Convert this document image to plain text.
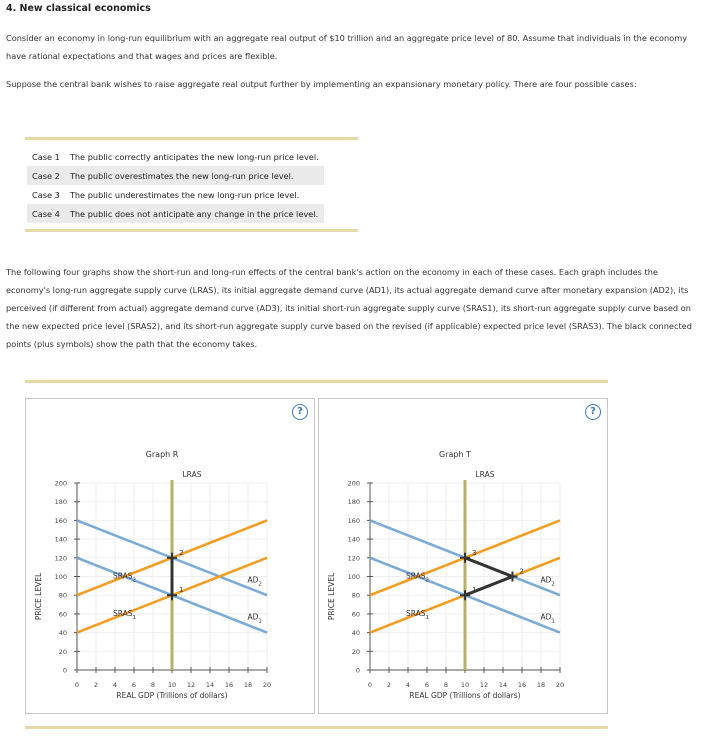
4. New classical economics
Consider an economy in long-run equilibrium with an aggregate real output of $10 trillion and an aggregate price level of 80. Assume that individuals in the economy have rational expectations and that wages and prices are flexible.
Suppose the central bank wishes to raise aggregate real output further by implementing an expansionary monetary policy. There are four possible cases:
Case 1	The public correctly anticipates the new long-run price level.
Case 2	The public overestimates the new long-run price level.
Case 3	The public underestimates the new long-run price level.
Case 4	The public does not anticipate any change in the price level.
The following four graphs show the short-run and long-run effects of the central bank's action on the economy in each of these cases. Each graph includes the economy's long-run aggregate supply curve (LRAS), its initial aggregate demand curve (AD1), its actual aggregate demand curve after monetary expansion (AD2), its perceived (if different from actual) aggregate demand curve (AD3), its initial short-run aggregate supply curve (SRAS1), its short-run aggregate supply curve based on the new expected price level (SRAS2), and its short-run aggregate supply curve based on the revised (if applicable) expected price level (SRAS3). The black connected points (plus symbols) show the path that the economy takes.
?
0
20
40
60
80
100
120
140
160
180
200
0 2 4 6 8 10 12 14 16 18 20
Graph R
REAL GDP (Trillions of dollars)
PRICE LEVEL
LRAS
$AD_1$
$AD_2$
$SRAS_1$
$SRAS_2$
1
2
?
0
20
40
60
80
100
120
140
160
180
200
0 2 4 6 8 10 12 14 16 18 20
Graph T
REAL GDP (Trillions of dollars)
PRICE LEVEL
LRAS
$AD_1$
$AD_2$
$SRAS_1$
$SRAS_2$
1
2
3
